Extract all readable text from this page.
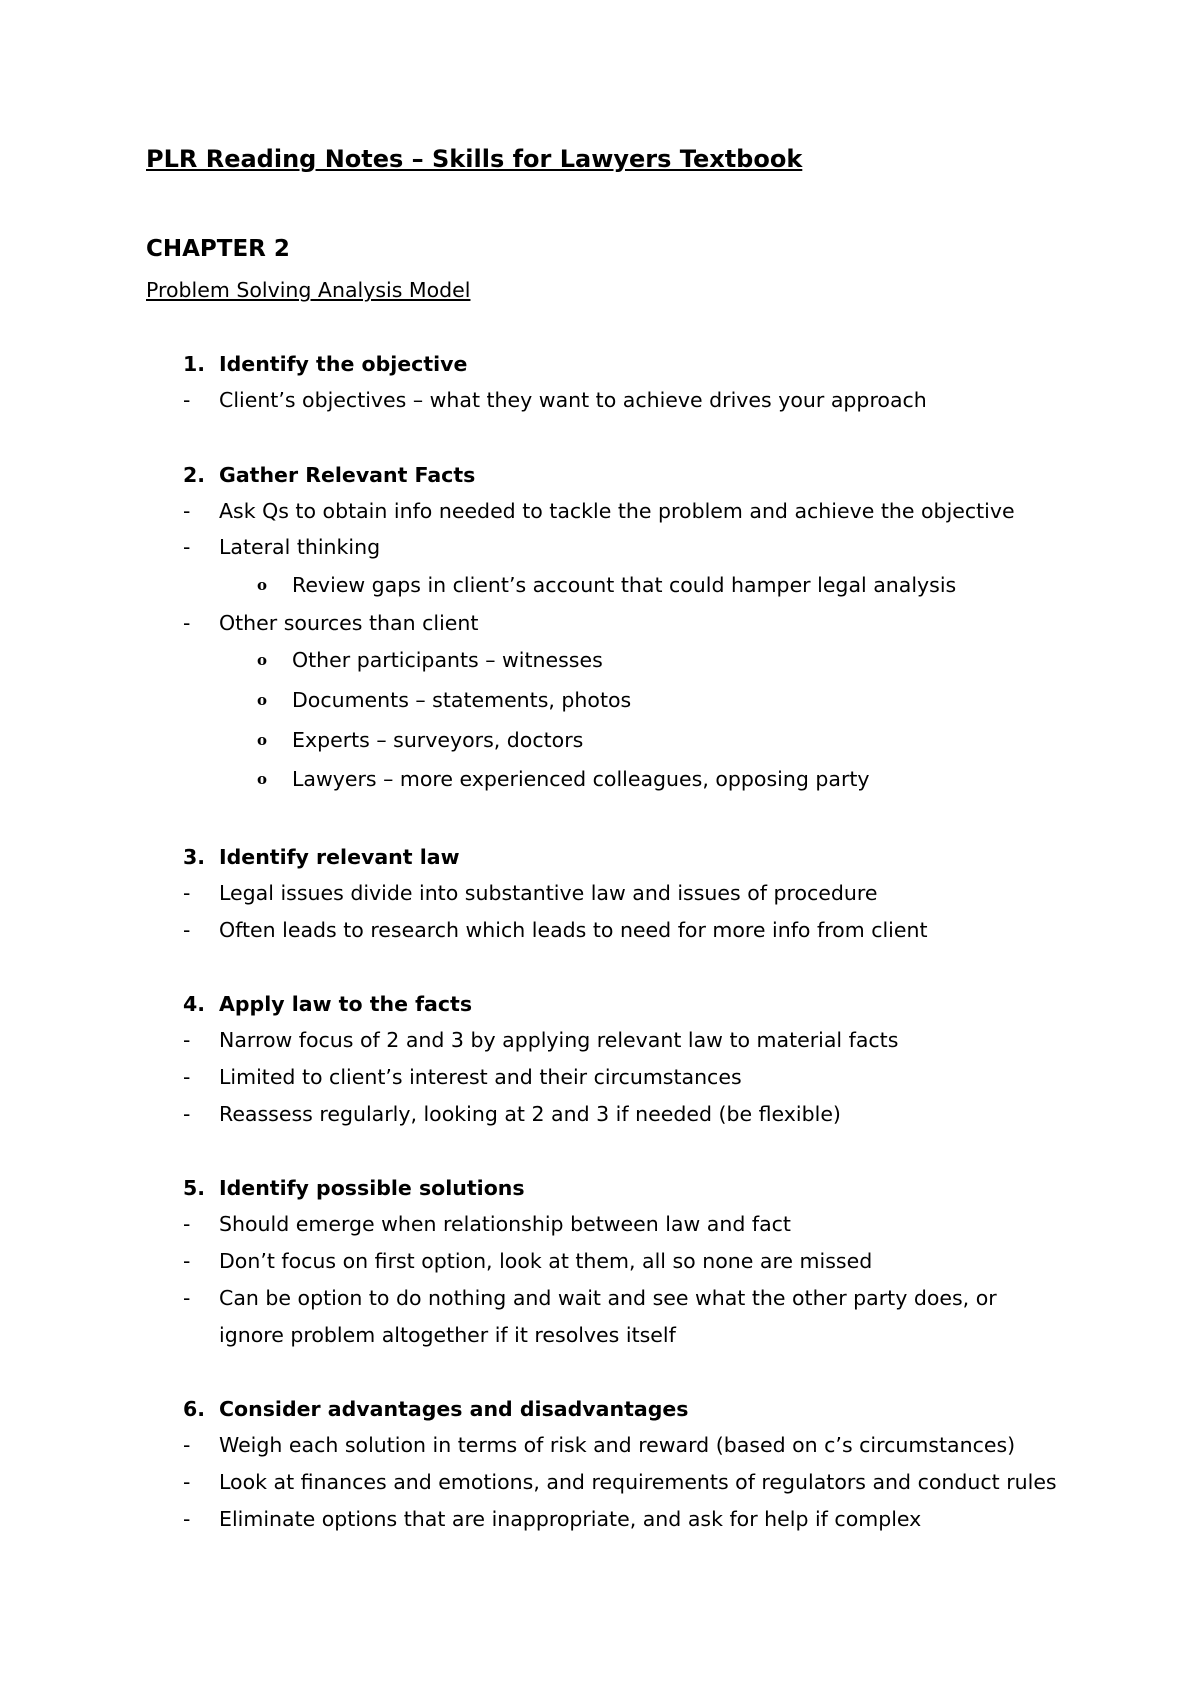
PLR Reading Notes – Skills for Lawyers Textbook
CHAPTER 2
Problem Solving Analysis Model
1. Identify the objective
- Client’s objectives – what they want to achieve drives your approach
2. Gather Relevant Facts
- Ask Qs to obtain info needed to tackle the problem and achieve the objective
- Lateral thinking
o Review gaps in client’s account that could hamper legal analysis
- Other sources than client
o Other participants – witnesses
o Documents – statements, photos
o Experts – surveyors, doctors
o Lawyers – more experienced colleagues, opposing party
3. Identify relevant law
- Legal issues divide into substantive law and issues of procedure
- Often leads to research which leads to need for more info from client
4. Apply law to the facts
- Narrow focus of 2 and 3 by applying relevant law to material facts
- Limited to client’s interest and their circumstances
- Reassess regularly, looking at 2 and 3 if needed (be flexible)
5. Identify possible solutions
- Should emerge when relationship between law and fact
- Don’t focus on first option, look at them, all so none are missed
- Can be option to do nothing and wait and see what the other party does, or
ignore problem altogether if it resolves itself
6. Consider advantages and disadvantages
- Weigh each solution in terms of risk and reward (based on c’s circumstances)
- Look at finances and emotions, and requirements of regulators and conduct rules
- Eliminate options that are inappropriate, and ask for help if complex
